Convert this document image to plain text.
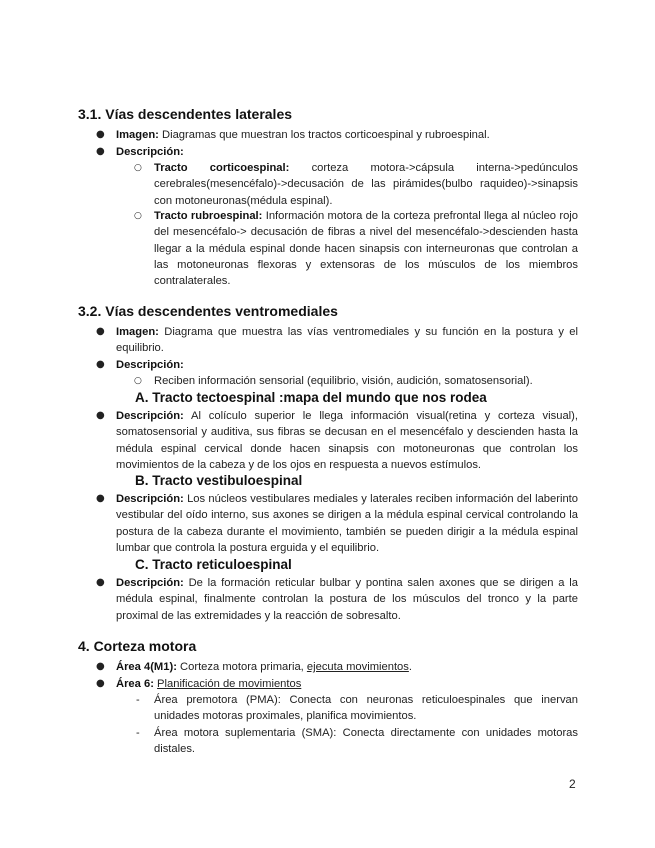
3.1. Vías descendentes laterales
● Imagen: Diagramas que muestran los tractos corticoespinal y rubroespinal.
● Descripción:
○ Tracto corticoespinal: corteza motora->cápsula interna->pedúnculos cerebrales(mesencéfalo)->decusación de las pirámides(bulbo raquideo)->sinapsis con motoneuronas(médula espinal).
○ Tracto rubroespinal: Información motora de la corteza prefrontal llega al núcleo rojo del mesencéfalo-> decusación de fibras a nivel del mesencéfalo->descienden hasta llegar a la médula espinal donde hacen sinapsis con interneuronas que controlan a las motoneuronas flexoras y extensoras de los músculos de los miembros contralaterales.
3.2. Vías descendentes ventromediales
● Imagen: Diagrama que muestra las vías ventromediales y su función en la postura y el equilibrio.
● Descripción:
○ Reciben información sensorial (equilibrio, visión, audición, somatosensorial).
A. Tracto tectoespinal :mapa del mundo que nos rodea
● Descripción: Al colículo superior le llega información visual(retina y corteza visual), somatosensorial y auditiva, sus fibras se decusan en el mesencéfalo y descienden hasta la médula espinal cervical donde hacen sinapsis con motoneuronas que controlan los movimientos de la cabeza y de los ojos en respuesta a nuevos estímulos.
B. Tracto vestibuloespinal
● Descripción: Los núcleos vestibulares mediales y laterales reciben información del laberinto vestibular del oído interno, sus axones se dirigen a la médula espinal cervical controlando la postura de la cabeza durante el movimiento, también se pueden dirigir a la médula espinal lumbar que controla la postura erguida y el equilibrio.
C. Tracto reticuloespinal
● Descripción: De la formación reticular bulbar y pontina salen axones que se dirigen a la médula espinal, finalmente controlan la postura de los músculos del tronco y la parte proximal de las extremidades y la reacción de sobresalto.
4. Corteza motora
● Área 4(M1): Corteza motora primaria, ejecuta movimientos.
● Área 6: Planificación de movimientos
- Área premotora (PMA): Conecta con neuronas reticuloespinales que inervan unidades motoras proximales, planifica movimientos.
- Área motora suplementaria (SMA): Conecta directamente con unidades motoras distales.
2
